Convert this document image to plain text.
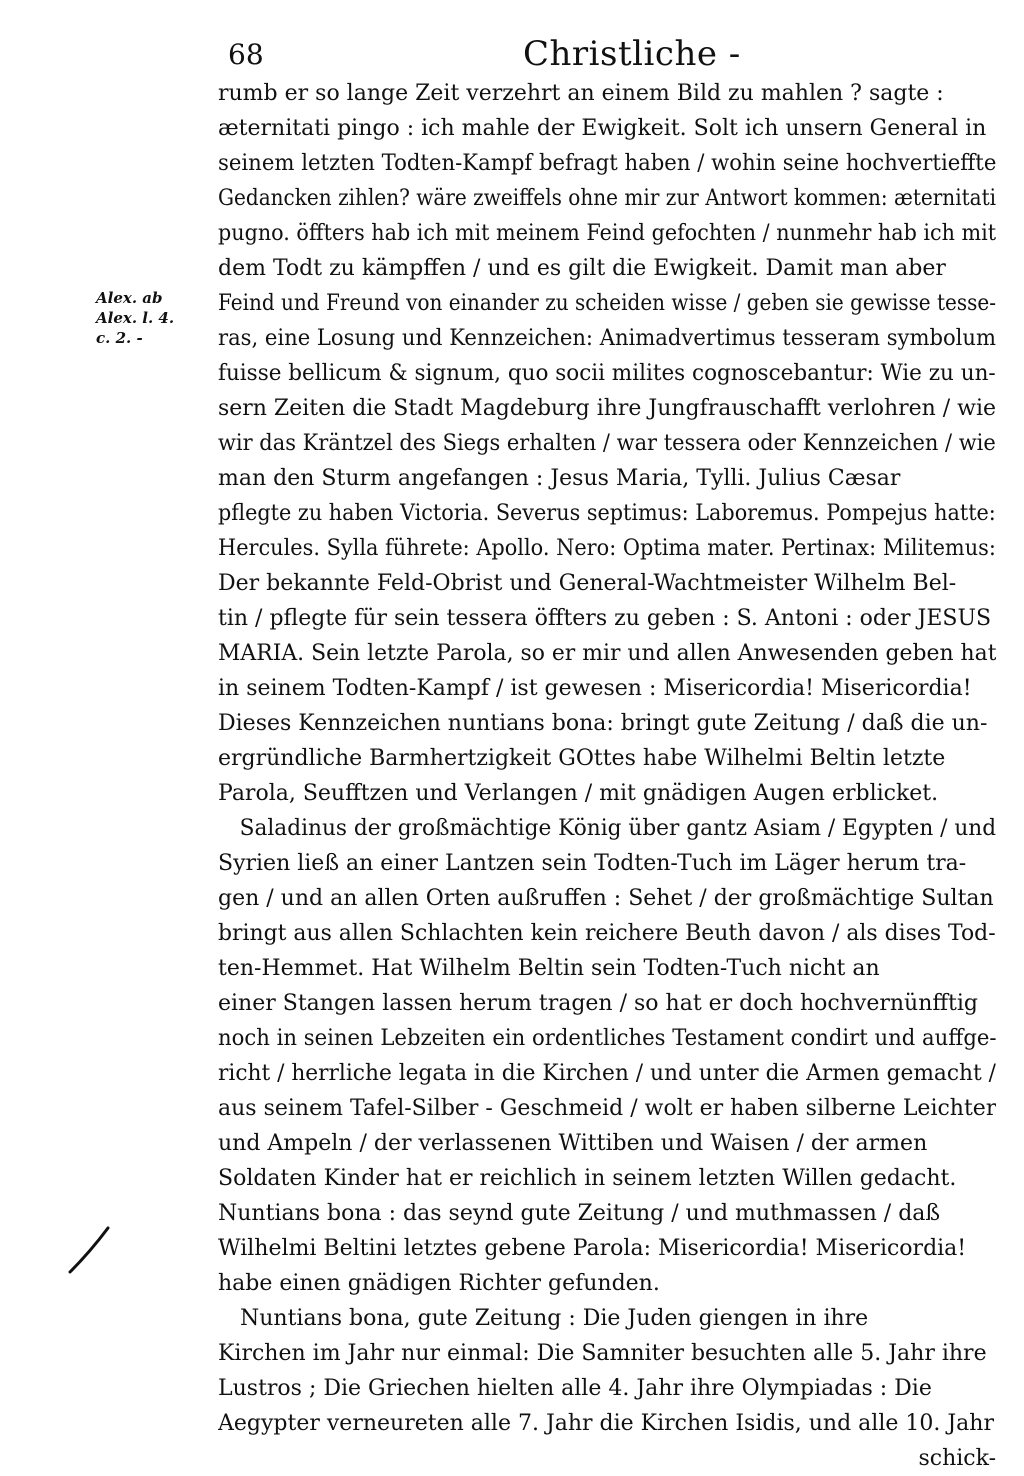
68	Christliche -
Alex. ab
Alex. l. 4.
c. 2. -
rumb er so lange Zeit verzehrt an einem Bild zu mahlen ? sagte :
æternitati pingo : ich mahle der Ewigkeit. Solt ich unsern General in
seinem letzten Todten-Kampf befragt haben / wohin seine hochvertieffte
Gedancken zihlen? wäre zweiffels ohne mir zur Antwort kommen: æternitati
pugno. öffters hab ich mit meinem Feind gefochten / nunmehr hab ich mit
dem Todt zu kämpffen / und es gilt die Ewigkeit. Damit man aber
Feind und Freund von einander zu scheiden wisse / geben sie gewisse tesse-
ras, eine Losung und Kennzeichen: Animadvertimus tesseram symbolum
fuisse bellicum & signum, quo socii milites cognoscebantur: Wie zu un-
sern Zeiten die Stadt Magdeburg ihre Jungfrauschafft verlohren / wie
wir das Kräntzel des Siegs erhalten / war tessera oder Kennzeichen / wie
man den Sturm angefangen : Jesus Maria, Tylli. Julius Cæsar
pflegte zu haben Victoria. Severus septimus: Laboremus. Pompejus hatte:
Hercules. Sylla führete: Apollo. Nero: Optima mater. Pertinax: Militemus:
Der bekannte Feld-Obrist und General-Wachtmeister Wilhelm Bel-
tin / pflegte für sein tessera öffters zu geben : S. Antoni : oder JESUS
MARIA. Sein letzte Parola, so er mir und allen Anwesenden geben hat
in seinem Todten-Kampf / ist gewesen : Misericordia! Misericordia!
Dieses Kennzeichen nuntians bona: bringt gute Zeitung / daß die un-
ergründliche Barmhertzigkeit GOttes habe Wilhelmi Beltin letzte
Parola, Seufftzen und Verlangen / mit gnädigen Augen erblicket.
Saladinus der großmächtige König über gantz Asiam / Egypten / und
Syrien ließ an einer Lantzen sein Todten-Tuch im Läger herum tra-
gen / und an allen Orten außruffen : Sehet / der großmächtige Sultan
bringt aus allen Schlachten kein reichere Beuth davon / als dises Tod-
ten-Hemmet. Hat Wilhelm Beltin sein Todten-Tuch nicht an
einer Stangen lassen herum tragen / so hat er doch hochvernünfftig
noch in seinen Lebzeiten ein ordentliches Testament condirt und auffge-
richt / herrliche legata in die Kirchen / und unter die Armen gemacht /
aus seinem Tafel-Silber - Geschmeid / wolt er haben silberne Leichter
und Ampeln / der verlassenen Wittiben und Waisen / der armen
Soldaten Kinder hat er reichlich in seinem letzten Willen gedacht.
Nuntians bona : das seynd gute Zeitung / und muthmassen / daß
Wilhelmi Beltini letztes gebene Parola: Misericordia! Misericordia!
habe einen gnädigen Richter gefunden.
Nuntians bona, gute Zeitung : Die Juden giengen in ihre
Kirchen im Jahr nur einmal: Die Samniter besuchten alle 5. Jahr ihre
Lustros ; Die Griechen hielten alle 4. Jahr ihre Olympiadas : Die
Aegypter verneureten alle 7. Jahr die Kirchen Isidis, und alle 10. Jahr
schick-
